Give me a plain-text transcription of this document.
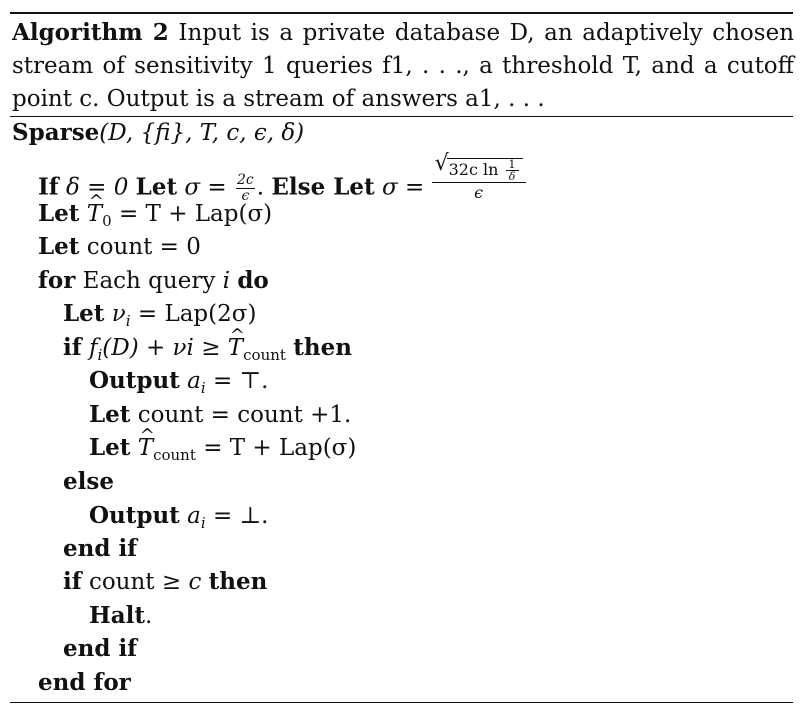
Algorithm 2 Input is a private database D, an adaptively chosen stream of sensitivity 1 queries f1, . . ., a threshold T, and a cutoff point c. Output is a stream of answers a1, . . .
Sparse(D, {fi}, T, c, ϵ, δ)
If δ = 0 Let $\sigma = \frac{2c}{\epsilon}$ . Else Let $\sigma = \frac{√ 32c \ln \frac{1}{\delta}}{\epsilon}$
Let ^ $T_0 = T + Lap(\sigma)$
Let count = 0
for Each query i do
Let $\nu_i = Lap(2\sigma)$
if $f_i(D) + \nu i$ ≥ ^ $T_{count}$ then
Output $a_i$ = ⊤.
Let count = count +1.
Let ^ $T_{count} = T + Lap(\sigma)$
else
Output $a_i$ = ⊥.
end if
if count ≥ c then
Halt.
end if
end for
